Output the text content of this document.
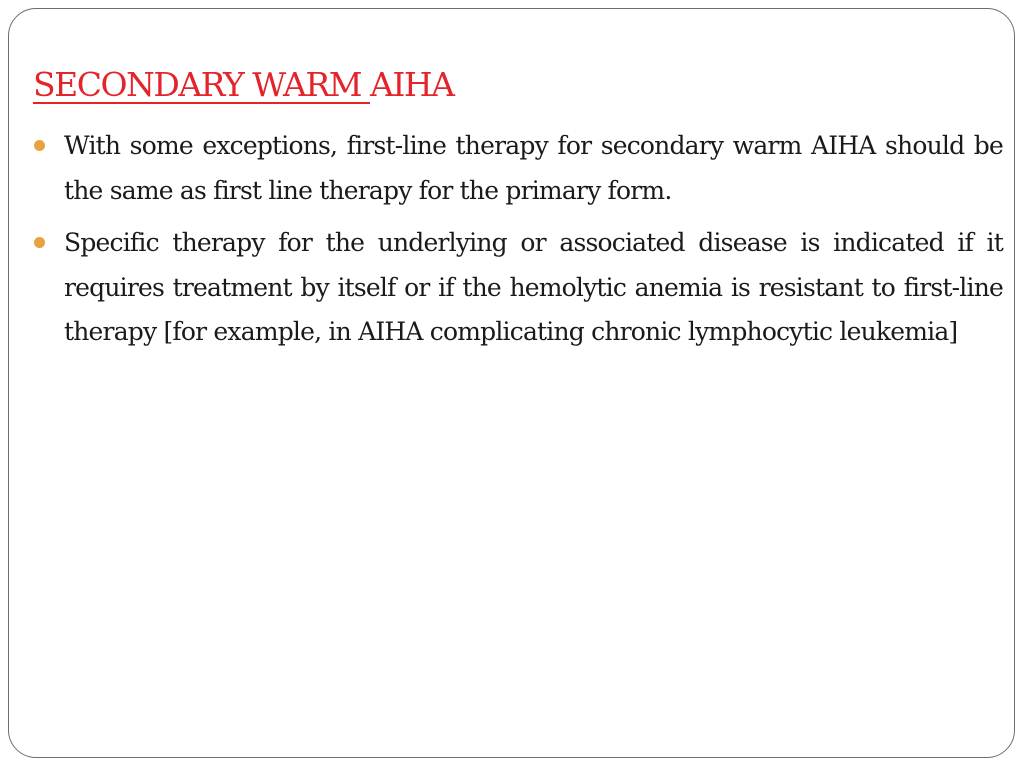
SECONDARY WARM AIHA
With some exceptions, first-line therapy for secondary warm AIHA should be the same as first line therapy for the primary form.
Specific therapy for the underlying or associated disease is indicated if it requires treatment by itself or if the hemolytic anemia is resistant to first-line therapy [for example, in AIHA complicating chronic lymphocytic leukemia]
